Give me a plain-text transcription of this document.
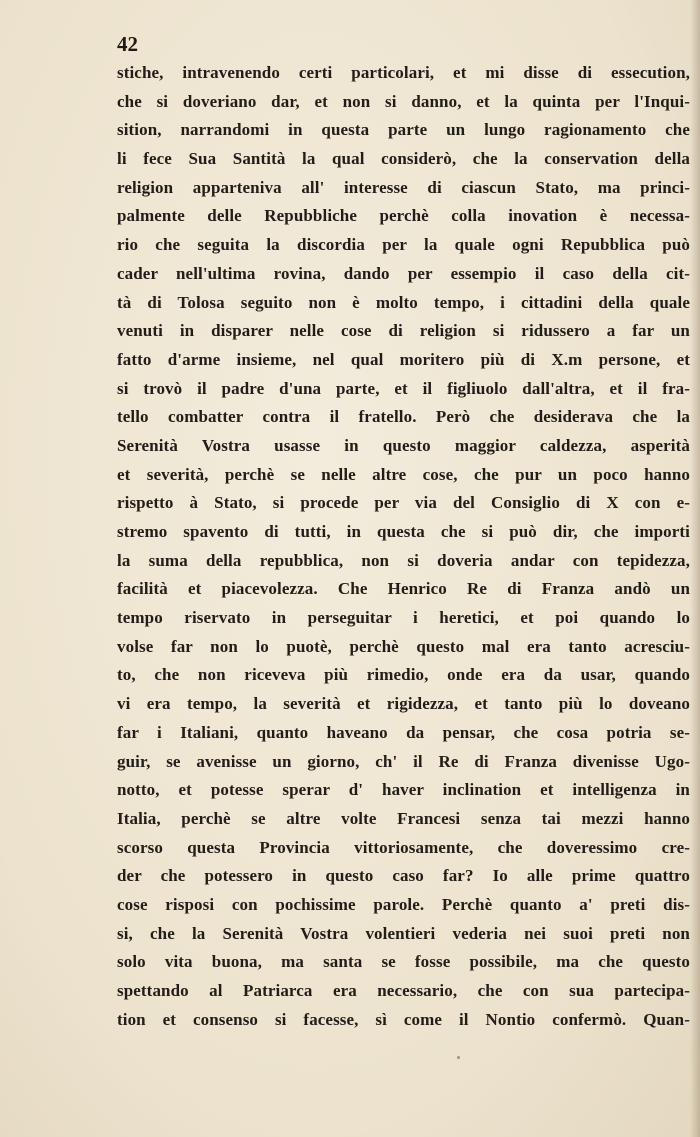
42
stiche, intravenendo certi particolari, et mi disse di essecution,
che si doveriano dar, et non si danno, et la quinta per l'Inqui-
sition, narrandomi in questa parte un lungo ragionamento che
li fece Sua Santità la qual considerò, che la conservation della
religion apparteniva all' interesse di ciascun Stato, ma princi-
palmente delle Repubbliche perchè colla inovation è necessa-
rio che seguita la discordia per la quale ogni Repubblica può
cader nell'ultima rovina, dando per essempio il caso della cit-
tà di Tolosa seguito non è molto tempo, i cittadini della quale
venuti in disparer nelle cose di religion si ridussero a far un
fatto d'arme insieme, nel qual moritero più di X.m persone, et
si trovò il padre d'una parte, et il figliuolo dall'altra, et il fra-
tello combatter contra il fratello. Però che desiderava che la
Serenità Vostra usasse in questo maggior caldezza, asperità
et severità, perchè se nelle altre cose, che pur un poco hanno
rispetto à Stato, si procede per via del Consiglio di X con e-
stremo spavento di tutti, in questa che si può dir, che importi
la suma della repubblica, non si doveria andar con tepidezza,
facilità et piacevolezza. Che Henrico Re di Franza andò un
tempo riservato in perseguitar i heretici, et poi quando lo
volse far non lo puotè, perchè questo mal era tanto acresciu-
to, che non riceveva più rimedio, onde era da usar, quando
vi era tempo, la severità et rigidezza, et tanto più lo doveano
far i Italiani, quanto haveano da pensar, che cosa potria se-
guir, se avenisse un giorno, ch' il Re di Franza divenisse Ugo-
notto, et potesse sperar d' haver inclination et intelligenza in
Italia, perchè se altre volte Francesi senza tai mezzi hanno
scorso questa Provincia vittoriosamente, che doveressimo cre-
der che potessero in questo caso far? Io alle prime quattro
cose risposi con pochissime parole. Perchè quanto a' preti dis-
si, che la Serenità Vostra volentieri vederia nei suoi preti non
solo vita buona, ma santa se fosse possibile, ma che questo
spettando al Patriarca era necessario, che con sua partecipa-
tion et consenso si facesse, sì come il Nontio confermò. Quan-
